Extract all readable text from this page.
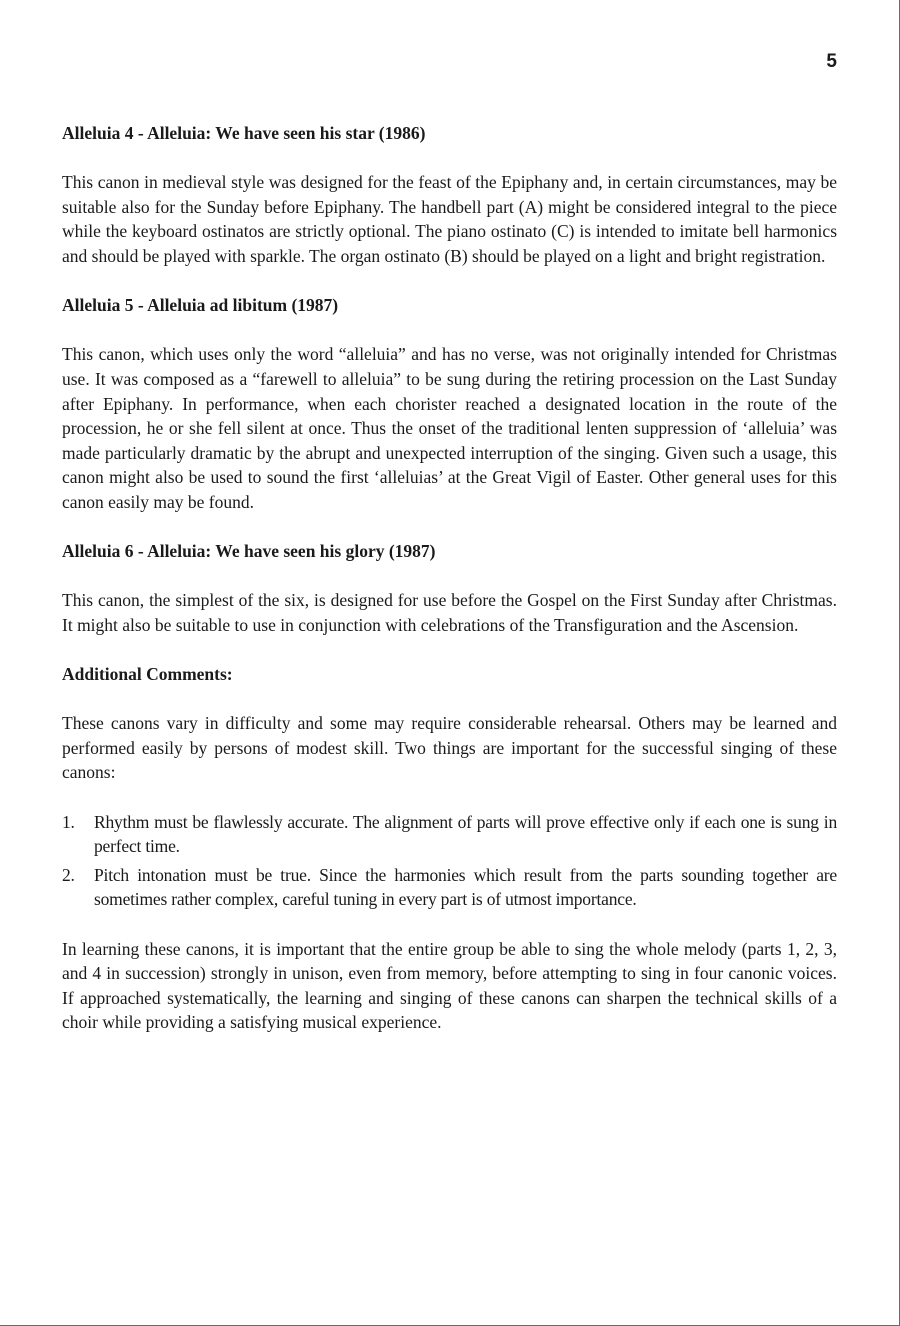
5
Alleluia 4 - Alleluia: We have seen his star (1986)

This canon in medieval style was designed for the feast of the Epiphany and, in certain circumstances, may be suitable also for the Sunday before Epiphany. The handbell part (A) might be considered integral to the piece while the keyboard ostinatos are strictly optional. The piano ostinato (C) is intended to imitate bell harmonics and should be played with sparkle. The organ ostinato (B) should be played on a light and bright registration.

Alleluia 5 - Alleluia ad libitum (1987)

This canon, which uses only the word “alleluia” and has no verse, was not originally intended for Christmas use. It was composed as a “farewell to alleluia” to be sung during the retiring procession on the Last Sunday after Epiphany. In performance, when each chorister reached a designated location in the route of the procession, he or she fell silent at once. Thus the onset of the traditional lenten suppression of ‘alleluia’ was made particularly dramatic by the abrupt and unexpected interruption of the singing. Given such a usage, this canon might also be used to sound the first ‘alleluias’ at the Great Vigil of Easter. Other general uses for this canon easily may be found.

Alleluia 6 - Alleluia: We have seen his glory (1987)

This canon, the simplest of the six, is designed for use before the Gospel on the First Sunday after Christmas. It might also be suitable to use in conjunction with celebrations of the Transfiguration and the Ascension.

Additional Comments:

These canons vary in difficulty and some may require considerable rehearsal. Others may be learned and performed easily by persons of modest skill. Two things are important for the successful singing of these canons:

1. Rhythm must be flawlessly accurate. The alignment of parts will prove effective only if each one is sung in perfect time.
2. Pitch intonation must be true. Since the harmonies which result from the parts sounding together are sometimes rather complex, careful tuning in every part is of utmost importance.

In learning these canons, it is important that the entire group be able to sing the whole melody (parts 1, 2, 3, and 4 in succession) strongly in unison, even from memory, before attempting to sing in four canonic voices. If approached systematically, the learning and singing of these canons can sharpen the technical skills of a choir while providing a satisfying musical experience.
